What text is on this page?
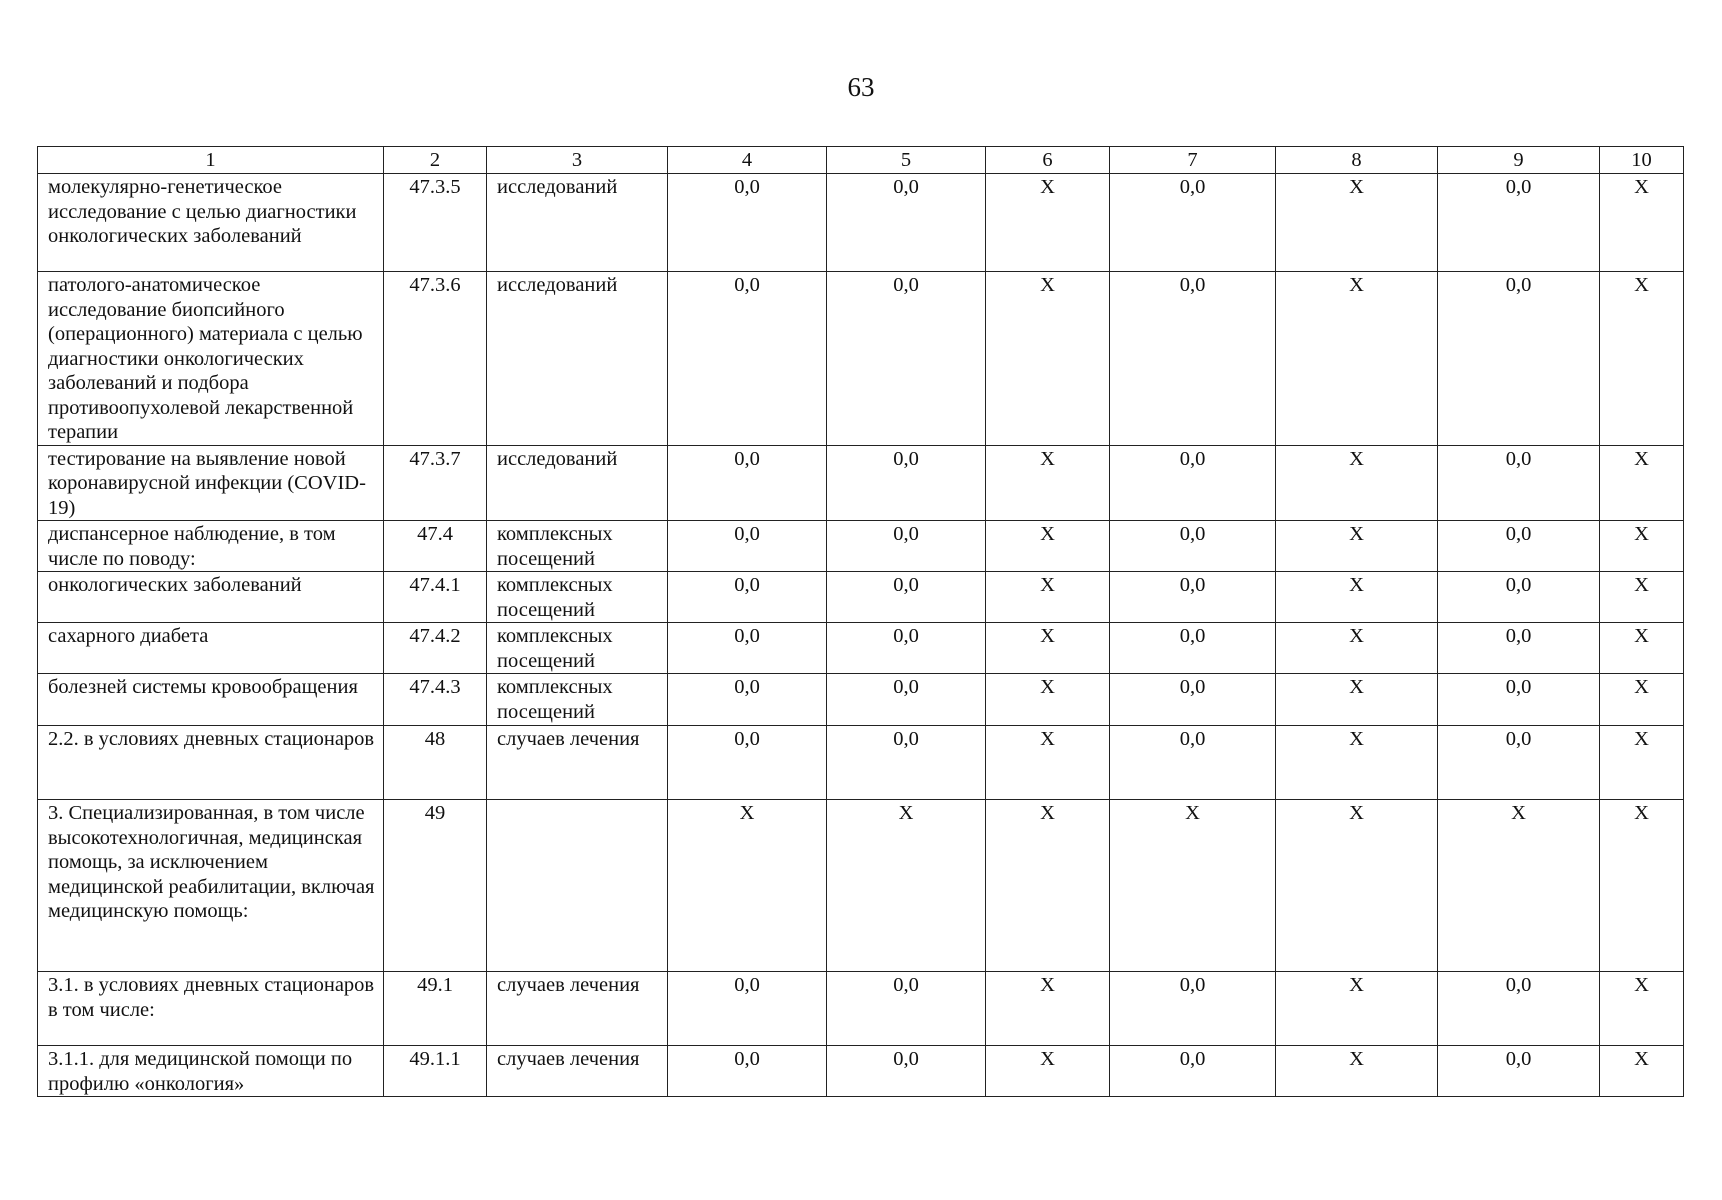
63
1	2	3	4	5	6	7	8	9	10
молекулярно-генетическое исследование с целью диагностики онкологических заболеваний	47.3.5	исследований	0,0	0,0	X	0,0	X	0,0	X
патолого-анатомическое исследование биопсийного (операционного) материала с целью диагностики онкологических заболеваний и подбора противоопухолевой лекарственной терапии	47.3.6	исследований	0,0	0,0	X	0,0	X	0,0	X
тестирование на выявление новой коронавирусной инфекции (COVID-19)	47.3.7	исследований	0,0	0,0	X	0,0	X	0,0	X
диспансерное наблюдение, в том числе по поводу:	47.4	комплексных посещений	0,0	0,0	X	0,0	X	0,0	X
онкологических заболеваний	47.4.1	комплексных посещений	0,0	0,0	X	0,0	X	0,0	X
сахарного диабета	47.4.2	комплексных посещений	0,0	0,0	X	0,0	X	0,0	X
болезней системы кровообращения	47.4.3	комплексных посещений	0,0	0,0	X	0,0	X	0,0	X
2.2. в условиях дневных стационаров	48	случаев лечения	0,0	0,0	X	0,0	X	0,0	X
3. Специализированная, в том числе высокотехнологичная, медицинская помощь, за исключением медицинской реабилитации, включая медицинскую помощь:	49		X	X	X	X	X	X	X
3.1. в условиях дневных стационаров в том числе:	49.1	случаев лечения	0,0	0,0	X	0,0	X	0,0	X
3.1.1. для медицинской помощи по профилю «онкология»	49.1.1	случаев лечения	0,0	0,0	X	0,0	X	0,0	X
